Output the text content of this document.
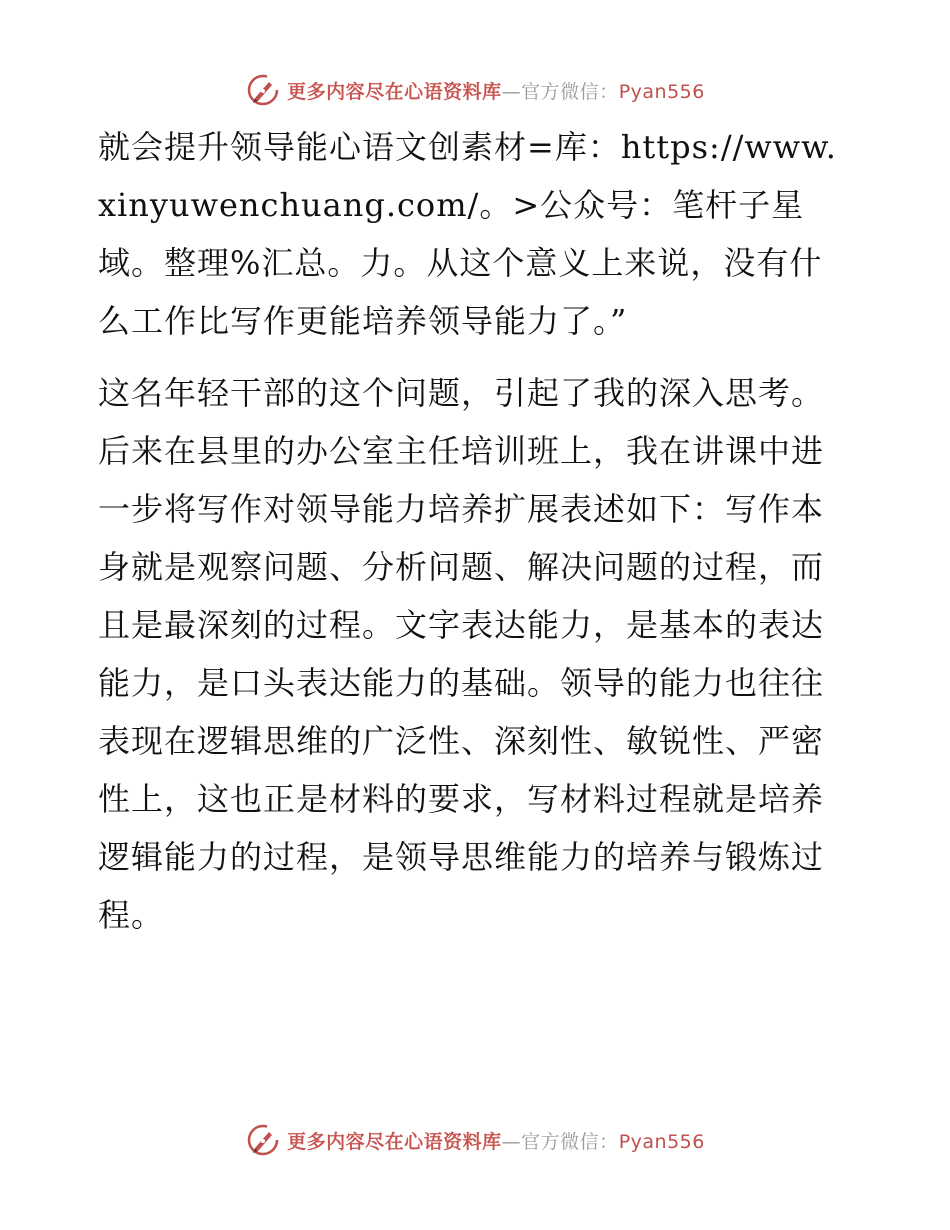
更多内容尽在心语资料库—官方微信：Pyan556

就会提升领导能心语文创素材=库：https://www.xinyuwenchuang.com/。>公众号：笔杆子星域。整理%汇总。力。从这个意义上来说，没有什么工作比写作更能培养领导能力了。”

这名年轻干部的这个问题，引起了我的深入思考。后来在县里的办公室主任培训班上，我在讲课中进一步将写作对领导能力培养扩展表述如下：写作本身就是观察问题、分析问题、解决问题的过程，而且是最深刻的过程。文字表达能力，是基本的表达能力，是口头表达能力的基础。领导的能力也往往表现在逻辑思维的广泛性、深刻性、敏锐性、严密性上，这也正是材料的要求，写材料过程就是培养逻辑能力的过程，是领导思维能力的培养与锻炼过程。

更多内容尽在心语资料库—官方微信：Pyan556
